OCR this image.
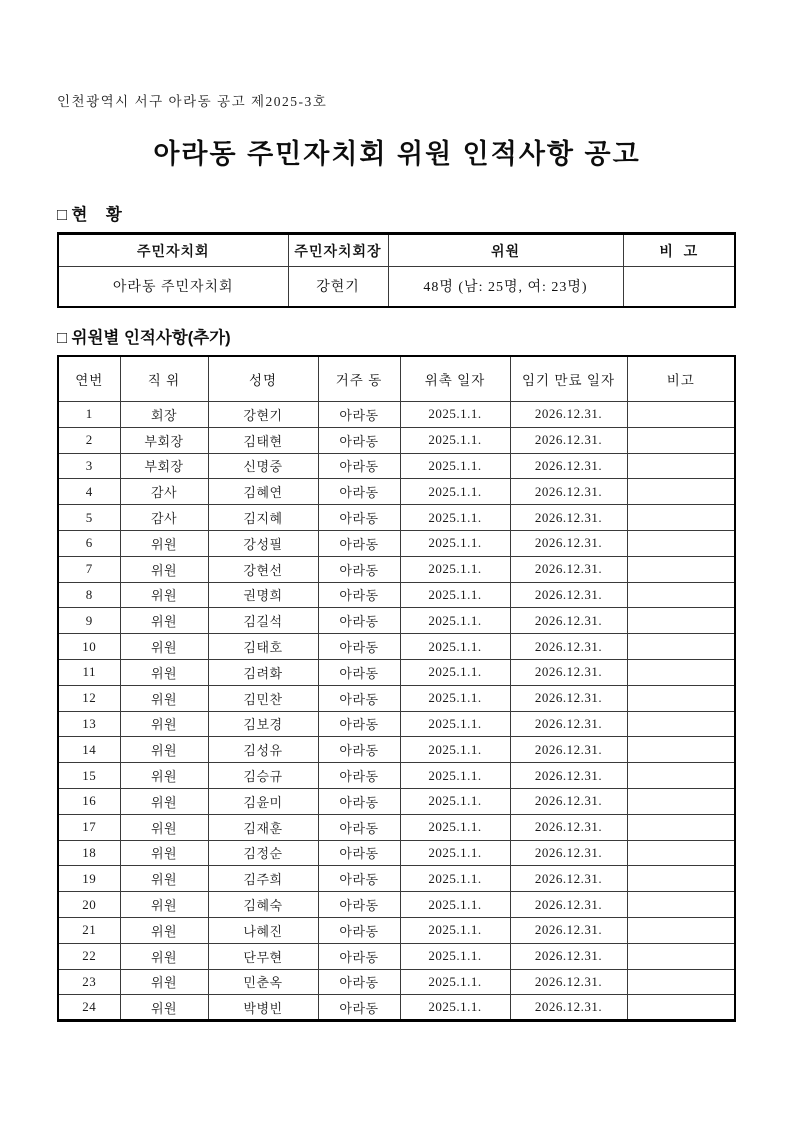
인천광역시 서구 아라동 공고 제2025-3호
아라동 주민자치회 위원 인적사항 공고
□ 현    황
주민자치회	주민자치회장	위원	비  고
아라동 주민자치회	강현기	48명 (남: 25명, 여: 23명)	
□ 위원별 인적사항(추가)
연번	직 위	성명	거주 동	위촉 일자	임기 만료 일자	비고
1	회장	강현기	아라동	2025.1.1.	2026.12.31.	
2	부회장	김태현	아라동	2025.1.1.	2026.12.31.	
3	부회장	신명중	아라동	2025.1.1.	2026.12.31.	
4	감사	김혜연	아라동	2025.1.1.	2026.12.31.	
5	감사	김지혜	아라동	2025.1.1.	2026.12.31.	
6	위원	강성필	아라동	2025.1.1.	2026.12.31.	
7	위원	강현선	아라동	2025.1.1.	2026.12.31.	
8	위원	권명희	아라동	2025.1.1.	2026.12.31.	
9	위원	김길석	아라동	2025.1.1.	2026.12.31.	
10	위원	김태호	아라동	2025.1.1.	2026.12.31.	
11	위원	김려화	아라동	2025.1.1.	2026.12.31.	
12	위원	김민찬	아라동	2025.1.1.	2026.12.31.	
13	위원	김보경	아라동	2025.1.1.	2026.12.31.	
14	위원	김성유	아라동	2025.1.1.	2026.12.31.	
15	위원	김승규	아라동	2025.1.1.	2026.12.31.	
16	위원	김윤미	아라동	2025.1.1.	2026.12.31.	
17	위원	김재훈	아라동	2025.1.1.	2026.12.31.	
18	위원	김정순	아라동	2025.1.1.	2026.12.31.	
19	위원	김주희	아라동	2025.1.1.	2026.12.31.	
20	위원	김혜숙	아라동	2025.1.1.	2026.12.31.	
21	위원	나혜진	아라동	2025.1.1.	2026.12.31.	
22	위원	단무현	아라동	2025.1.1.	2026.12.31.	
23	위원	민춘옥	아라동	2025.1.1.	2026.12.31.	
24	위원	박병빈	아라동	2025.1.1.	2026.12.31.	
